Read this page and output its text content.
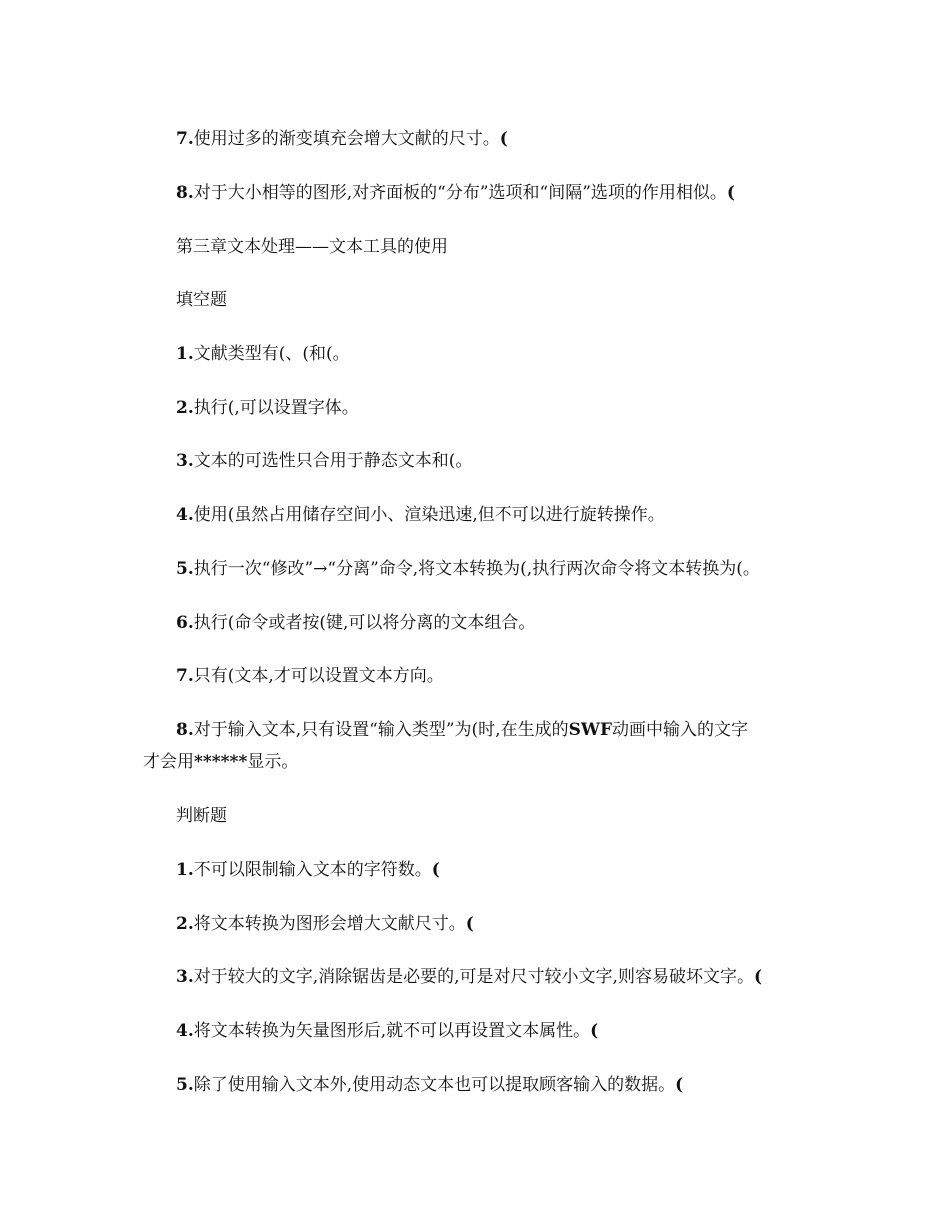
7.使用过多的渐变填充会增大文献的尺寸。(
8.对于大小相等的图形,对齐面板的“分布”选项和“间隔”选项的作用相似。(
第三章文本处理——文本工具的使用
填空题
1.文献类型有(、(和(。
2.执行(,可以设置字体。
3.文本的可选性只合用于静态文本和(。
4.使用(虽然占用储存空间小、渲染迅速,但不可以进行旋转操作。
5.执行一次“修改”→“分离”命令,将文本转换为(,执行两次命令将文本转换为(。
6.执行(命令或者按(键,可以将分离的文本组合。
7.只有(文本,才可以设置文本方向。
8.对于输入文本,只有设置“输入类型”为(时,在生成的SWF动画中输入的文字
才会用******显示。
判断题
1.不可以限制输入文本的字符数。(
2.将文本转换为图形会增大文献尺寸。(
3.对于较大的文字,消除锯齿是必要的,可是对尺寸较小文字,则容易破坏文字。(
4.将文本转换为矢量图形后,就不可以再设置文本属性。(
5.除了使用输入文本外,使用动态文本也可以提取顾客输入的数据。(
